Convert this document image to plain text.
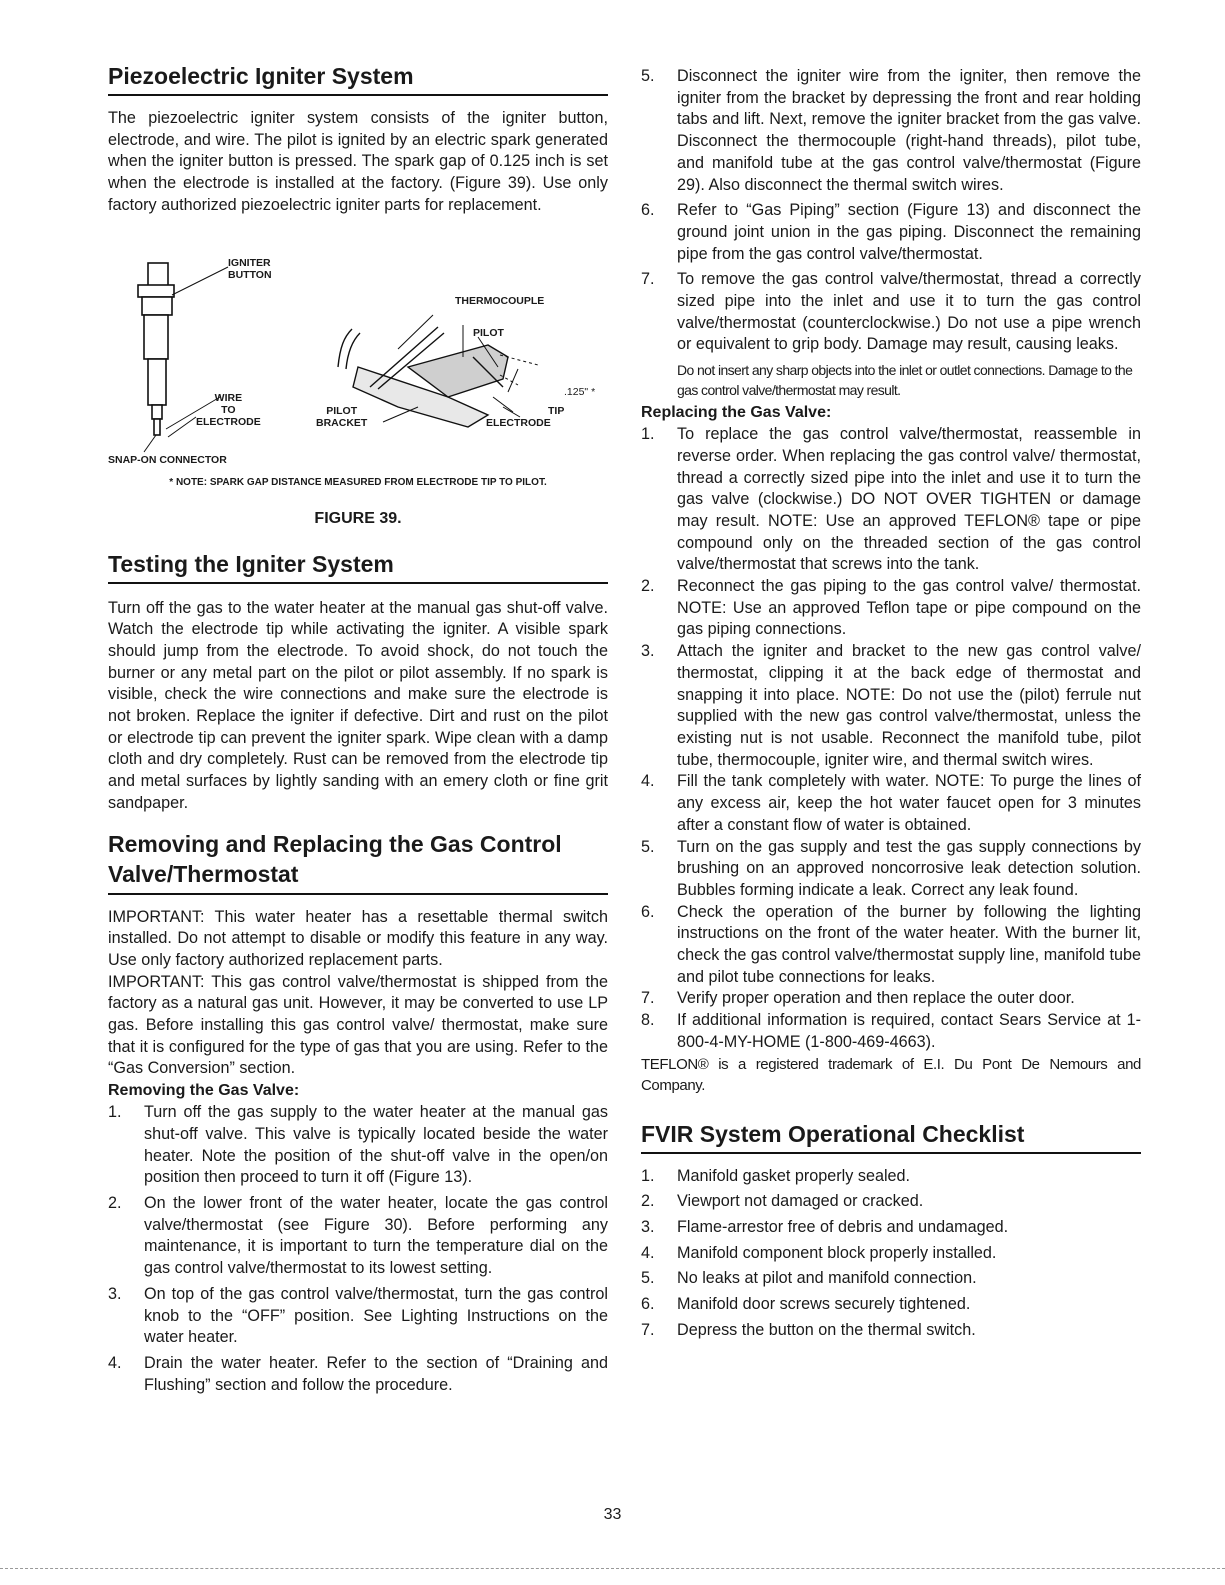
Piezoelectric Igniter System

The piezoelectric igniter system consists of the igniter button, electrode, and wire. The pilot is ignited by an electric spark generated when the igniter button is pressed. The spark gap of 0.125 inch is set when the electrode is installed at the factory. (Figure 39). Use only factory authorized piezoelectric igniter parts for replacement.

IGNITER
BUTTON
THERMOCOUPLE
PILOT
.125" *
WIRE
TO
ELECTRODE
PILOT
BRACKET
TIP
ELECTRODE
SNAP-ON CONNECTOR
* NOTE: SPARK GAP DISTANCE MEASURED FROM ELECTRODE TIP TO PILOT.
FIGURE 39.
Testing the Igniter System

Turn off the gas to the water heater at the manual gas shut-off valve. Watch the electrode tip while activating the igniter. A visible spark should jump from the electrode. To avoid shock, do not touch the burner or any metal part on the pilot or pilot assembly. If no spark is visible, check the wire connections and make sure the electrode is not broken. Replace the igniter if defective. Dirt and rust on the pilot or electrode tip can prevent the igniter spark. Wipe clean with a damp cloth and dry completely. Rust can be removed from the electrode tip and metal surfaces by lightly sanding with an emery cloth or fine grit sandpaper.

Removing and Replacing the Gas Control Valve/Thermostat

IMPORTANT: This water heater has a resettable thermal switch installed. Do not attempt to disable or modify this feature in any way. Use only factory authorized replacement parts.

IMPORTANT: This gas control valve/thermostat is shipped from the factory as a natural gas unit. However, it may be converted to use LP gas. Before installing this gas control valve/ thermostat, make sure that it is configured for the type of gas that you are using. Refer to the “Gas Conversion” section.

Removing the Gas Valve:
1. Turn off the gas supply to the water heater at the manual gas shut-off valve. This valve is typically located beside the water heater. Note the position of the shut-off valve in the open/on position then proceed to turn it off (Figure 13).
2. On the lower front of the water heater, locate the gas control valve/thermostat (see Figure 30). Before performing any maintenance, it is important to turn the temperature dial on the gas control valve/thermostat to its lowest setting.
3. On top of the gas control valve/thermostat, turn the gas control knob to the “OFF” position. See Lighting Instructions on the water heater.
4. Drain the water heater. Refer to the section of “Draining and Flushing” section and follow the procedure.
5. Disconnect the igniter wire from the igniter, then remove the igniter from the bracket by depressing the front and rear holding tabs and lift. Next, remove the igniter bracket from the gas valve. Disconnect the thermocouple (right-hand threads), pilot tube, and manifold tube at the gas control valve/thermostat (Figure 29). Also disconnect the thermal switch wires.
6. Refer to “Gas Piping” section (Figure 13) and disconnect the ground joint union in the gas piping. Disconnect the remaining pipe from the gas control valve/thermostat.
7. To remove the gas control valve/thermostat, thread a correctly sized pipe into the inlet and use it to turn the gas control valve/thermostat (counterclockwise.) Do not use a pipe wrench or equivalent to grip body. Damage may result, causing leaks.
Do not insert any sharp objects into the inlet or outlet connections. Damage to the gas control valve/thermostat may result.
Replacing the Gas Valve:
1. To replace the gas control valve/thermostat, reassemble in reverse order. When replacing the gas control valve/ thermostat, thread a correctly sized pipe into the inlet and use it to turn the gas valve (clockwise.) DO NOT OVER TIGHTEN or damage may result. NOTE: Use an approved TEFLON® tape or pipe compound only on the threaded section of the gas control valve/thermostat that screws into the tank.
2. Reconnect the gas piping to the gas control valve/ thermostat. NOTE: Use an approved Teflon tape or pipe compound on the gas piping connections.
3. Attach the igniter and bracket to the new gas control valve/ thermostat, clipping it at the back edge of thermostat and snapping it into place. NOTE: Do not use the (pilot) ferrule nut supplied with the new gas control valve/thermostat, unless the existing nut is not usable. Reconnect the manifold tube, pilot tube, thermocouple, igniter wire, and thermal switch wires.
4. Fill the tank completely with water. NOTE: To purge the lines of any excess air, keep the hot water faucet open for 3 minutes after a constant flow of water is obtained.
5. Turn on the gas supply and test the gas supply connections by brushing on an approved noncorrosive leak detection solution. Bubbles forming indicate a leak. Correct any leak found.
6. Check the operation of the burner by following the lighting instructions on the front of the water heater. With the burner lit, check the gas control valve/thermostat supply line, manifold tube and pilot tube connections for leaks.
7. Verify proper operation and then replace the outer door.
8. If additional information is required, contact Sears Service at 1-800-4-MY-HOME (1-800-469-4663).

TEFLON® is a registered trademark of E.I. Du Pont De Nemours and Company.

FVIR System Operational Checklist
1. Manifold gasket properly sealed.
2. Viewport not damaged or cracked.
3. Flame-arrestor free of debris and undamaged.
4. Manifold component block properly installed.
5. No leaks at pilot and manifold connection.
6. Manifold door screws securely tightened.
7. Depress the button on the thermal switch.
33
